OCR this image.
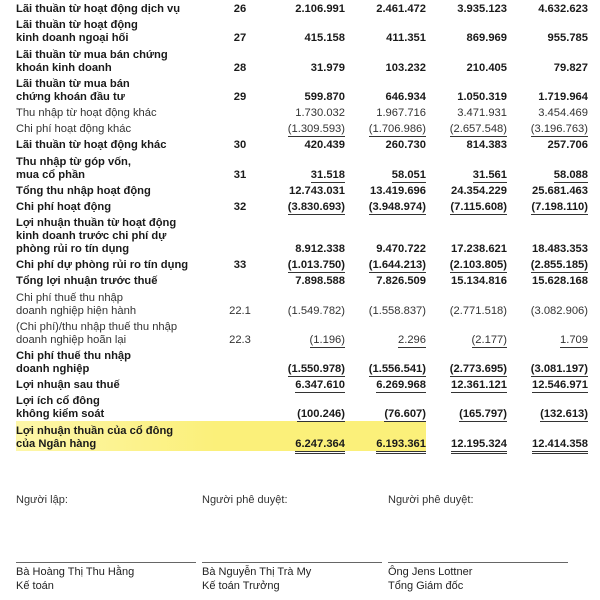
Lãi thuần từ hoạt động dịch vụ	26	2.106.991	2.461.472	3.935.123	4.632.623
Lãi thuần từ hoạt động
kinh doanh ngoại hối	27	415.158	411.351	869.969	955.785
Lãi thuần từ mua bán chứng
khoán kinh doanh	28	31.979	103.232	210.405	79.827
Lãi thuần từ mua bán
chứng khoán đầu tư	29	599.870	646.934	1.050.319	1.719.964
Thu nhập từ hoạt động khác		1.730.032	1.967.716	3.471.931	3.454.469
Chi phí hoạt động khác		(1.309.593)	(1.706.986)	(2.657.548)	(3.196.763)
Lãi thuần từ hoạt động khác	30	420.439	260.730	814.383	257.706
Thu nhập từ góp vốn,
mua cổ phần	31	31.518	58.051	31.561	58.088
Tổng thu nhập hoạt động		12.743.031	13.419.696	24.354.229	25.681.463
Chi phí hoạt động	32	(3.830.693)	(3.948.974)	(7.115.608)	(7.198.110)
Lợi nhuận thuần từ hoạt động
kinh doanh trước chi phí dự
phòng rủi ro tín dụng		8.912.338	9.470.722	17.238.621	18.483.353
Chi phí dự phòng rủi ro tín dụng	33	(1.013.750)	(1.644.213)	(2.103.805)	(2.855.185)
Tổng lợi nhuận trước thuế		7.898.588	7.826.509	15.134.816	15.628.168
Chi phí thuế thu nhập
doanh nghiệp hiện hành	22.1	(1.549.782)	(1.558.837)	(2.771.518)	(3.082.906)
(Chi phí)/thu nhập thuế thu nhập
doanh nghiệp hoãn lại	22.3	(1.196)	2.296	(2.177)	1.709
Chi phí thuế thu nhập
doanh nghiệp		(1.550.978)	(1.556.541)	(2.773.695)	(3.081.197)
Lợi nhuận sau thuế		6.347.610	6.269.968	12.361.121	12.546.971
Lợi ích cổ đông
không kiểm soát		(100.246)	(76.607)	(165.797)	(132.613)
Lợi nhuận thuần của cổ đông
của Ngân hàng		6.247.364	6.193.361	12.195.324	12.414.358
Người lập:
Bà Hoàng Thị Thu Hằng
Kế toán
Người phê duyệt:
Bà Nguyễn Thị Trà My
Kế toán Trưởng
Người phê duyệt:
Ông Jens Lottner
Tổng Giám đốc
